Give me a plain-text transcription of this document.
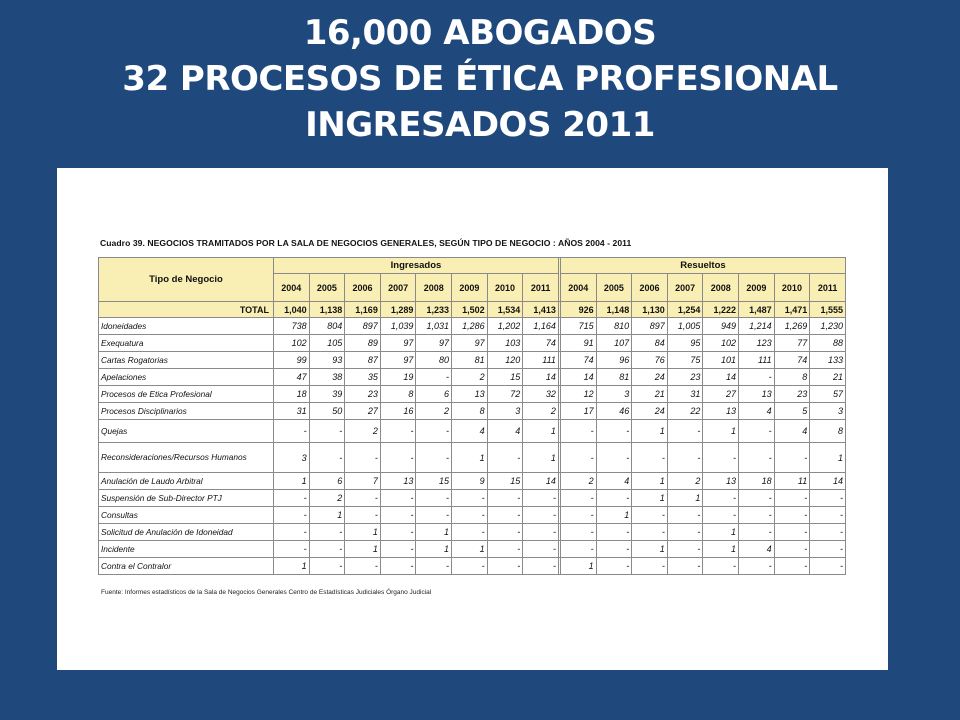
16,000 ABOGADOS
32 PROCESOS DE ÉTICA PROFESIONAL
INGRESADOS 2011
Cuadro 39. NEGOCIOS TRAMITADOS POR LA SALA DE NEGOCIOS GENERALES, SEGÚN TIPO DE NEGOCIO : AÑOS 2004 - 2011
Tipo de Negocio	Ingresados									Resueltos							
	2004	2005	2006	2007	2008	2009	2010	2011		2004	2005	2006	2007	2008	2009	2010	2011
TOTAL	1,040	1,138	1,169	1,289	1,233	1,502	1,534	1,413		926	1,148	1,130	1,254	1,222	1,487	1,471	1,555
Idoneidades	738	804	897	1,039	1,031	1,286	1,202	1,164		715	810	897	1,005	949	1,214	1,269	1,230
Exequatura	102	105	89	97	97	97	103	74		91	107	84	95	102	123	77	88
Cartas Rogatorias	99	93	87	97	80	81	120	111		74	96	76	75	101	111	74	133
Apelaciones	47	38	35	19	-	2	15	14		14	81	24	23	14	-	8	21
Procesos de Etica Profesional	18	39	23	8	6	13	72	32		12	3	21	31	27	13	23	57
Procesos Disciplinarios	31	50	27	16	2	8	3	2		17	46	24	22	13	4	5	3
Quejas	-	-	2	-	-	4	4	1		-	-	1	-	1	-	4	8
Reconsideraciones/Recursos Humanos	3	-	-	-	-	1	-	1		-	-	-	-	-	-	-	1
Anulación de Laudo Arbitral	1	6	7	13	15	9	15	14		2	4	1	2	13	18	11	14
Suspensión de Sub-Director PTJ	-	2	-	-	-	-	-	-		-	-	1	1	-	-	-	-
Consultas	-	1	-	-	-	-	-	-		-	1	-	-	-	-	-	-
Solicitud de Anulación de Idoneidad	-	-	1	-	1	-	-	-		-	-	-	-	1	-	-	-
Incidente	-	-	1	-	1	1	-	-		-	-	1	-	1	4	-	-
Contra el Contralor	1	-	-	-	-	-	-	-		1	-	-	-	-	-	-	-
Fuente: Informes estadísticos de la Sala de Negocios Generales Centro de Estadísticas Judiciales Órgano Judicial
